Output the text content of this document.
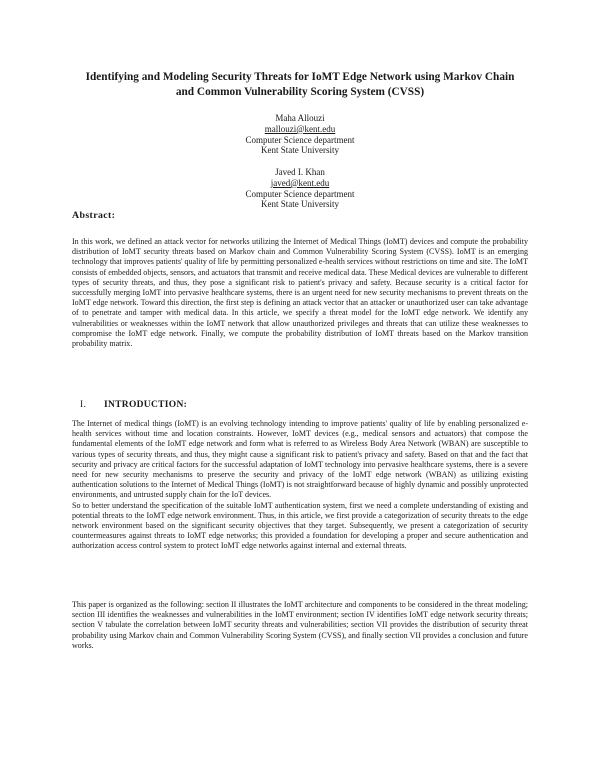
Identifying and Modeling Security Threats for IoMT Edge Network using Markov Chain
and Common Vulnerability Scoring System (CVSS)
Maha Allouzi
mallouzi@kent.edu
Computer Science department
Kent State University
Javed I. Khan
javed@kent.edu
Computer Science department
Kent State University
Abstract:

In this work, we defined an attack vector for networks utilizing the Internet of Medical Things (IoMT) devices and compute the probability distribution of IoMT security threats based on Markov chain and Common Vulnerability Scoring System (CVSS). IoMT is an emerging technology that improves patients' quality of life by permitting personalized e-health services without restrictions on time and site. The IoMT consists of embedded objects, sensors, and actuators that transmit and receive medical data. These Medical devices are vulnerable to different types of security threats, and thus, they pose a significant risk to patient's privacy and safety. Because security is a critical factor for successfully merging IoMT into pervasive healthcare systems, there is an urgent need for new security mechanisms to prevent threats on the IoMT edge network. Toward this direction, the first step is defining an attack vector that an attacker or unauthorized user can take advantage of to penetrate and tamper with medical data. In this article, we specify a threat model for the IoMT edge network. We identify any vulnerabilities or weaknesses within the IoMT network that allow unauthorized privileges and threats that can utilize these weaknesses to compromise the IoMT edge network. Finally, we compute the probability distribution of IoMT threats based on the Markov transition probability matrix.

I. INTRODUCTION:

The Internet of medical things (IoMT) is an evolving technology intending to improve patients' quality of life by enabling personalized e-health services without time and location constraints. However, IoMT devices (e.g., medical sensors and actuators) that compose the fundamental elements of the IoMT edge network and form what is referred to as Wireless Body Area Network (WBAN) are susceptible to various types of security threats, and thus, they might cause a significant risk to patient's privacy and safety. Based on that and the fact that security and privacy are critical factors for the successful adaptation of IoMT technology into pervasive healthcare systems, there is a severe need for new security mechanisms to preserve the security and privacy of the IoMT edge network (WBAN) as utilizing existing authentication solutions to the Internet of Medical Things (IoMT) is not straightforward because of highly dynamic and possibly unprotected environments, and untrusted supply chain for the IoT devices.

So to better understand the specification of the suitable IoMT authentication system, first we need a complete understanding of existing and potential threats to the IoMT edge network environment. Thus, in this article, we first provide a categorization of security threats to the edge network environment based on the significant security objectives that they target. Subsequently, we present a categorization of security countermeasures against threats to IoMT edge networks; this provided a foundation for developing a proper and secure authentication and authorization access control system to protect IoMT edge networks against internal and external threats.

This paper is organized as the following: section II illustrates the IoMT architecture and components to be considered in the threat modeling; section III identifies the weaknesses and vulnerabilities in the IoMT environment; section IV identifies IoMT edge network security threats; section V tabulate the correlation between IoMT security threats and vulnerabilities; section VII provides the distribution of security threat probability using Markov chain and Common Vulnerability Scoring System (CVSS), and finally section VII provides a conclusion and future works.
